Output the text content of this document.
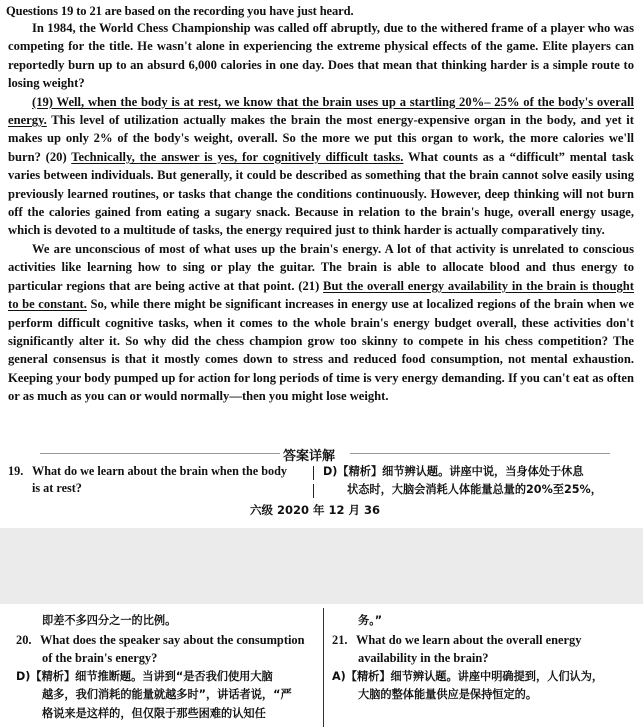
Questions 19 to 21 are based on the recording you have just heard.

In 1984, the World Chess Championship was called off abruptly, due to the withered frame of a player who was competing for the title. He wasn't alone in experiencing the extreme physical effects of the game. Elite players can reportedly burn up to an absurd 6,000 calories in one day. Does that mean that thinking harder is a simple route to losing weight?

(19) Well, when the body is at rest, we know that the brain uses up a startling 20%– 25% of the body's overall energy. This level of utilization actually makes the brain the most energy-expensive organ in the body, and yet it makes up only 2% of the body's weight, overall. So the more we put this organ to work, the more calories we'll burn? (20) Technically, the answer is yes, for cognitively difficult tasks. What counts as a “difficult” mental task varies between individuals. But generally, it could be described as something that the brain cannot solve easily using previously learned routines, or tasks that change the conditions continuously. However, deep thinking will not burn off the calories gained from eating a sugary snack. Because in relation to the brain's huge, overall energy usage, which is devoted to a multitude of tasks, the energy required just to think harder is actually comparatively tiny.

We are unconscious of most of what uses up the brain's energy. A lot of that activity is unrelated to conscious activities like learning how to sing or play the guitar. The brain is able to allocate blood and thus energy to particular regions that are being active at that point. (21) But the overall energy availability in the brain is thought to be constant. So, while there might be significant increases in energy use at localized regions of the brain when we perform difficult cognitive tasks, when it comes to the whole brain's energy budget overall, these activities don't significantly alter it. So why did the chess champion grow too skinny to compete in his chess competition? The general consensus is that it mostly comes down to stress and reduced food consumption, not mental exhaustion. Keeping your body pumped up for action for long periods of time is very energy demanding. If you can't eat as often or as much as you can or would normally—then you might lose weight.

答案详解
19. What do we learn about the brain when the body
is at rest?
D)【精析】细节辨认题。讲座中说，当身体处于休息
状态时，大脑会消耗人体能量总量的20%至25%，
六级 2020 年 12 月 36
即差不多四分之一的比例。
20. What does the speaker say about the consumption
of the brain's energy?
D)【精析】细节推断题。当讲到“是否我们使用大脑
越多，我们消耗的能量就越多时”，讲话者说，“严
格说来是这样的，但仅限于那些困难的认知任
务。”
21. What do we learn about the overall energy
availability in the brain?
A)【精析】细节辨认题。讲座中明确提到，人们认为，
大脑的整体能量供应是保持恒定的。
